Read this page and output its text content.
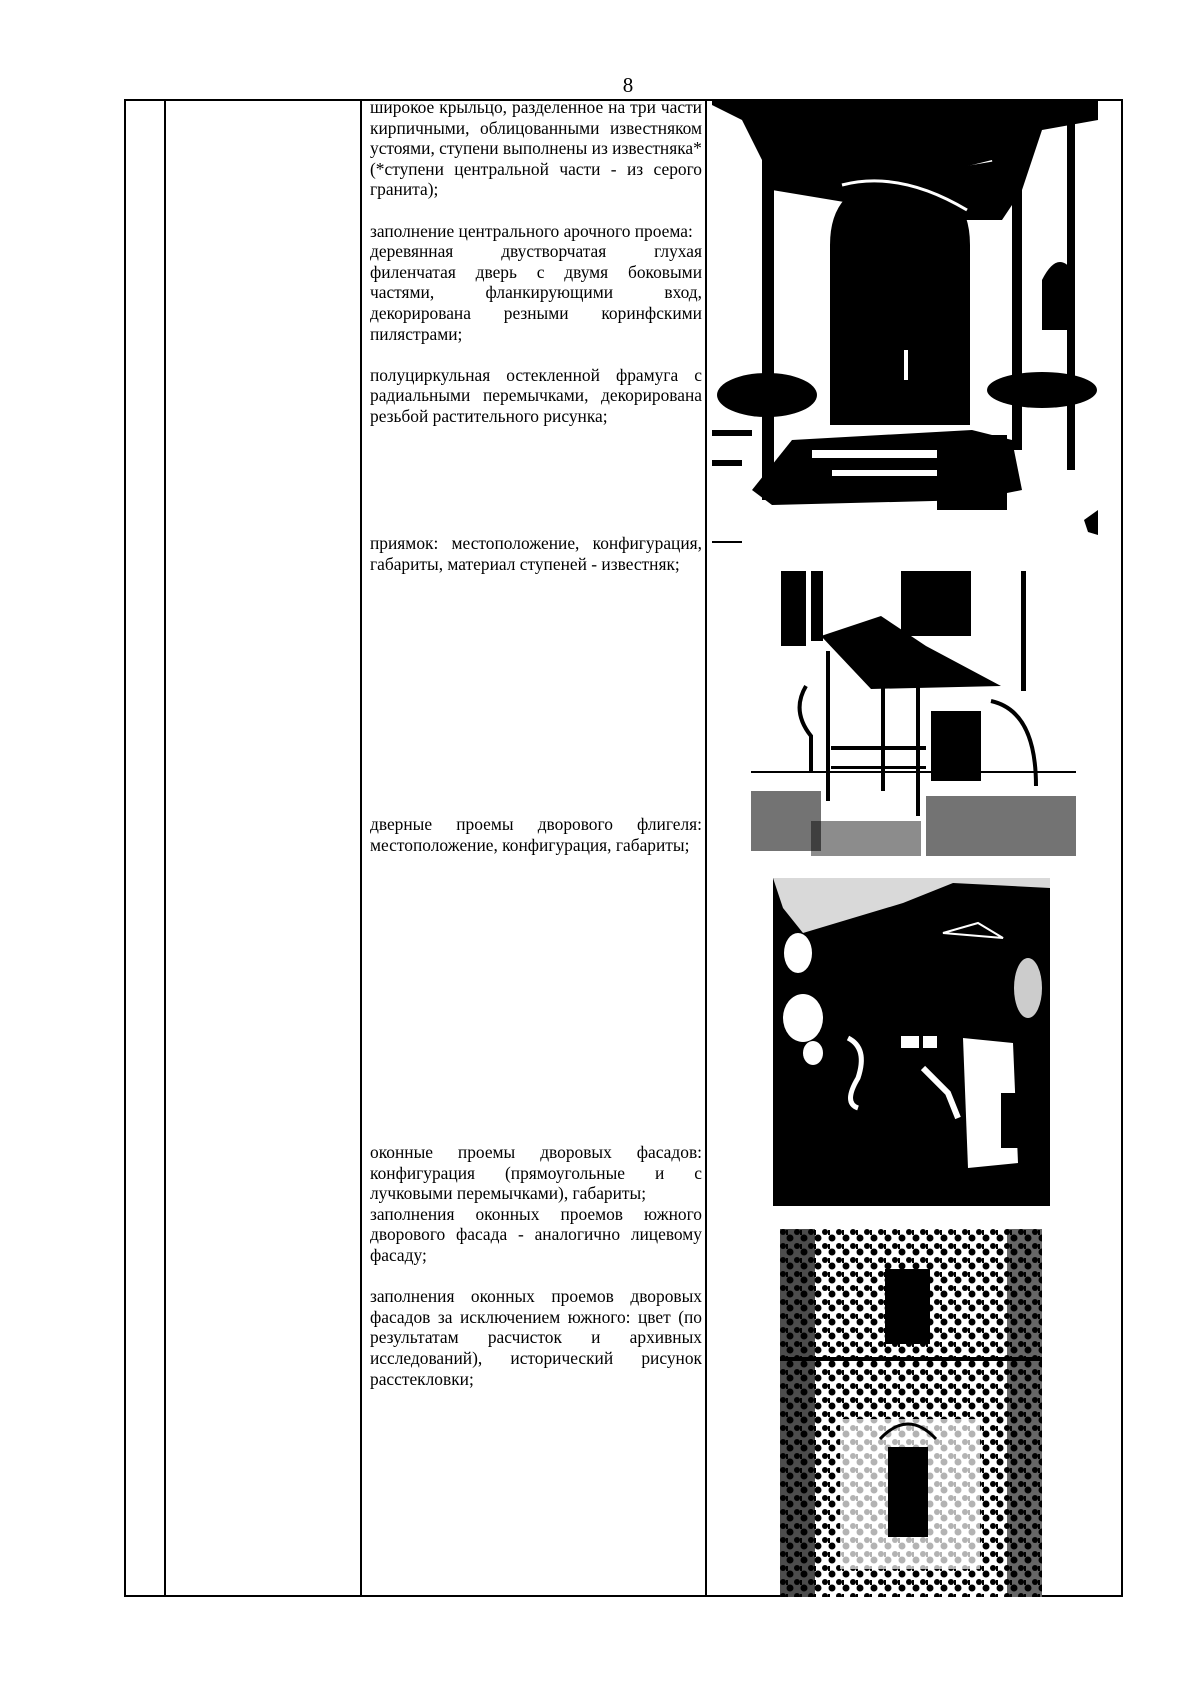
8

широкое крыльцо, разделенное на три части кирпичными, облицованными известняком устоями, ступени выполнены из известняка*

(*ступени центральной части - из серого гранита);

заполнение центрального арочного проема:

деревянная двустворчатая глухая филенчатая дверь с двумя боковыми частями, фланкирующими вход, декорирована резными коринфскими пилястрами;

полуциркульная остекленной фрамуга с радиальными перемычками, декорирована резьбой растительного рисунка;

приямок: местоположение, конфигурация, габариты, материал ступеней - известняк;

дверные проемы дворового флигеля: местоположение, конфигурация, габариты;

оконные проемы дворовых фасадов: конфигурация (прямоугольные и с лучковыми перемычками), габариты;

заполнения оконных проемов южного дворового фасада - аналогично лицевому фасаду;

заполнения оконных проемов дворовых фасадов за исключением южного: цвет (по результатам расчисток и архивных исследований), исторический рисунок расстекловки;
